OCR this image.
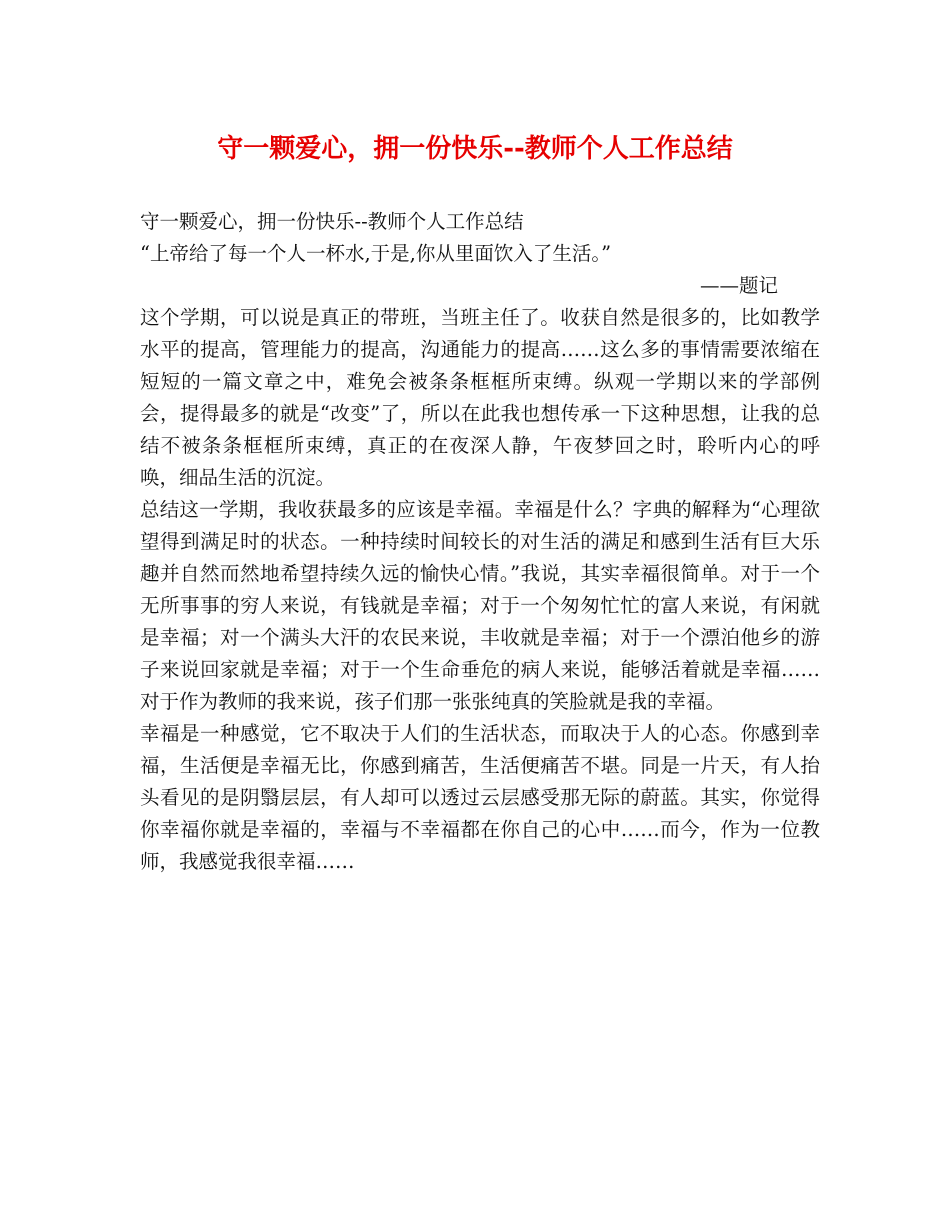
守一颗爱心，拥一份快乐--教师个人工作总结
守一颗爱心，拥一份快乐--教师个人工作总结
“上帝给了每一个人一杯水,于是,你从里面饮入了生活。”
——题记
这个学期，可以说是真正的带班，当班主任了。收获自然是很多的，比如教学水平的提高，管理能力的提高，沟通能力的提高……这么多的事情需要浓缩在短短的一篇文章之中，难免会被条条框框所束缚。纵观一学期以来的学部例会，提得最多的就是“改变”了，所以在此我也想传承一下这种思想，让我的总结不被条条框框所束缚，真正的在夜深人静，午夜梦回之时，聆听内心的呼唤，细品生活的沉淀。
总结这一学期，我收获最多的应该是幸福。幸福是什么？字典的解释为“心理欲望得到满足时的状态。一种持续时间较长的对生活的满足和感到生活有巨大乐趣并自然而然地希望持续久远的愉快心情。”我说，其实幸福很简单。对于一个无所事事的穷人来说，有钱就是幸福；对于一个匆匆忙忙的富人来说，有闲就是幸福；对一个满头大汗的农民来说，丰收就是幸福；对于一个漂泊他乡的游子来说回家就是幸福；对于一个生命垂危的病人来说，能够活着就是幸福……对于作为教师的我来说，孩子们那一张张纯真的笑脸就是我的幸福。
幸福是一种感觉，它不取决于人们的生活状态，而取决于人的心态。你感到幸福，生活便是幸福无比，你感到痛苦，生活便痛苦不堪。同是一片天，有人抬头看见的是阴翳层层，有人却可以透过云层感受那无际的蔚蓝。其实，你觉得你幸福你就是幸福的，幸福与不幸福都在你自己的心中……而今，作为一位教师，我感觉我很幸福……
